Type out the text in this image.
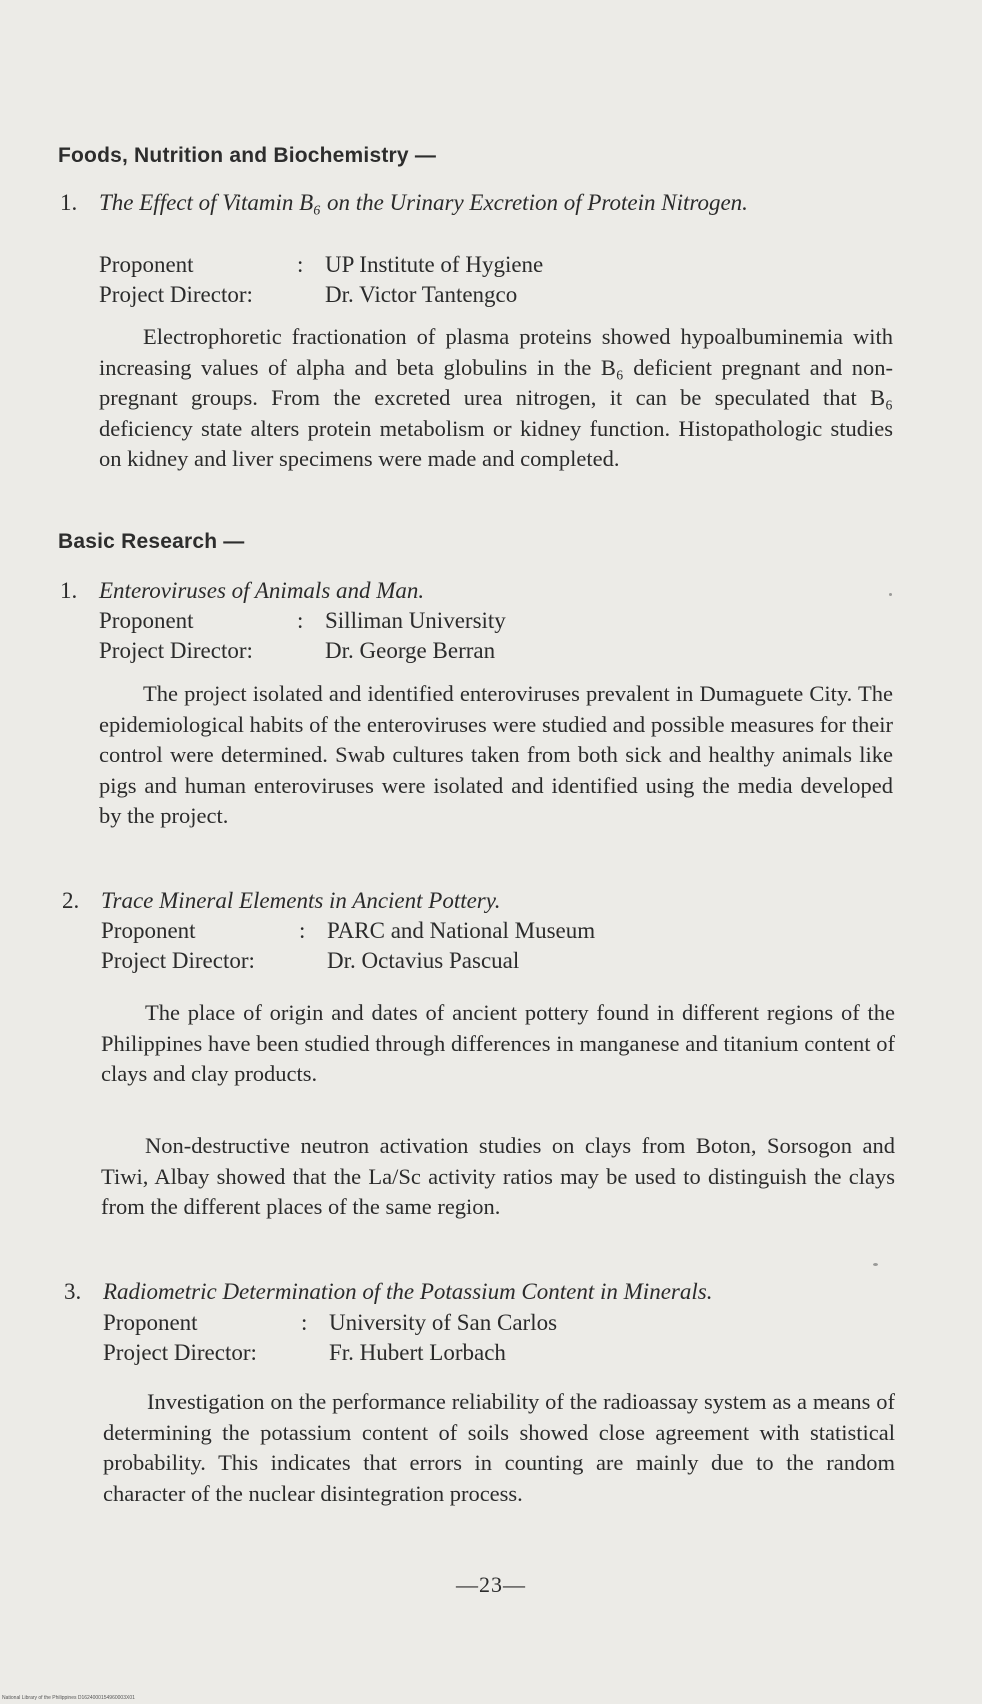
Foods, Nutrition and Biochemistry —
1. The Effect of Vitamin B₆ on the Urinary Excretion of Protein Nitrogen.
Proponent	: UP Institute of Hygiene
Project Director:	Dr. Victor Tantengco
Electrophoretic fractionation of plasma proteins showed hypoalbuminemia with increasing values of alpha and beta globulins in the B₆ deficient pregnant and non-pregnant groups. From the excreted urea nitrogen, it can be speculated that B₆ deficiency state alters protein metabolism or kidney function. Histopathologic studies on kidney and liver specimens were made and completed.
Basic Research —
1. Enteroviruses of Animals and Man.
Proponent	: Silliman University
Project Director:	Dr. George Berran
The project isolated and identified enteroviruses prevalent in Dumaguete City. The epidemiological habits of the enteroviruses were studied and possible measures for their control were determined. Swab cultures taken from both sick and healthy animals like pigs and human enteroviruses were isolated and identified using the media developed by the project.
2. Trace Mineral Elements in Ancient Pottery.
Proponent	: PARC and National Museum
Project Director:	Dr. Octavius Pascual
The place of origin and dates of ancient pottery found in different regions of the Philippines have been studied through differences in manganese and titanium content of clays and clay products.
Non-destructive neutron activation studies on clays from Boton, Sorsogon and Tiwi, Albay showed that the La/Sc activity ratios may be used to distinguish the clays from the different places of the same region.
3. Radiometric Determination of the Potassium Content in Minerals.
Proponent	: University of San Carlos
Project Director:	Fr. Hubert Lorbach
Investigation on the performance reliability of the radioassay system as a means of determining the potassium content of soils showed close agreement with statistical probability. This indicates that errors in counting are mainly due to the random character of the nuclear disintegration process.
—23—
National Library of the Philippines D1624000154960003X01
